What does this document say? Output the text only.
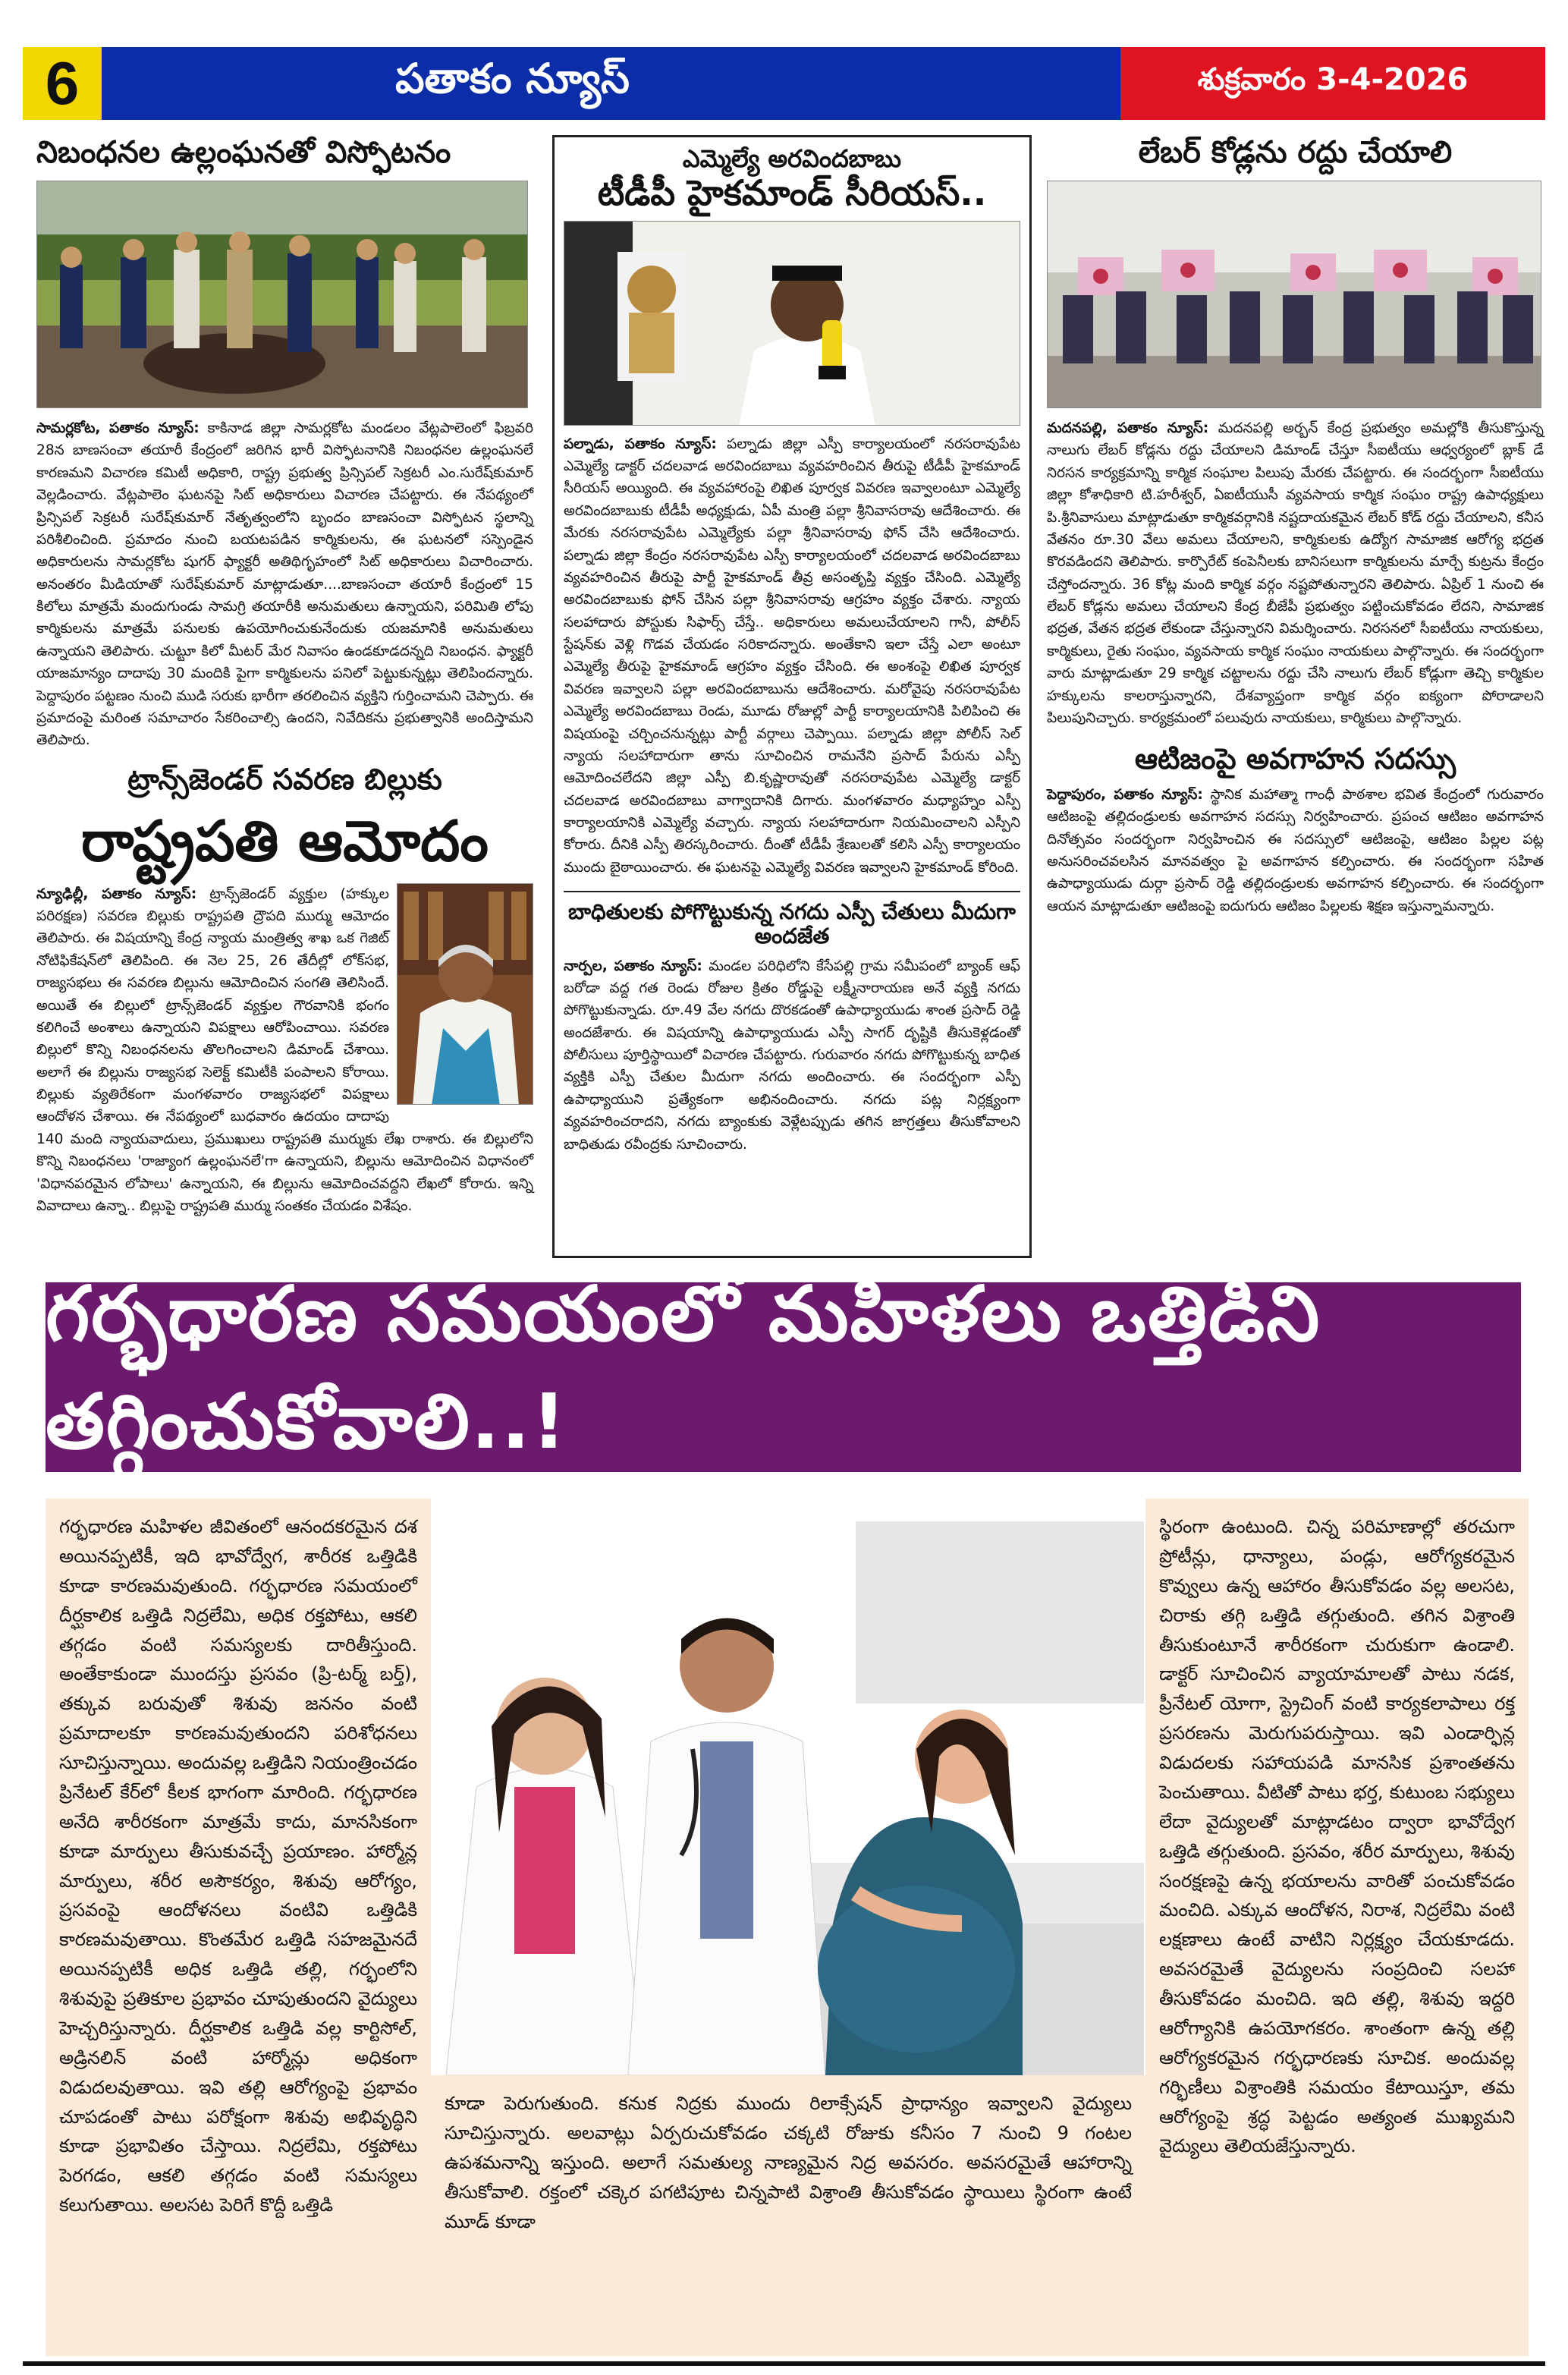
6	పతాకం న్యూస్	శుక్రవారం 3-4-2026
నిబంధనల ఉల్లంఘనతో విస్ఫోటనం
సామర్లకోట, పతాకం న్యూస్: కాకినాడ జిల్లా సామర్లకోట మండలం వేట్లపాలెంలో ఫిబ్రవరి 28న బాణసంచా తయారీ కేంద్రంలో జరిగిన భారీ విస్ఫోటనానికి నిబంధనల ఉల్లంఘనలే కారణమని విచారణ కమిటీ అధికారి, రాష్ట్ర ప్రభుత్వ ప్రిన్సిపల్ సెక్రటరీ ఎం.సురేష్‌కుమార్ వెల్లడించారు. వేట్లపాలెం ఘటనపై సిట్ అధికారులు విచారణ చేపట్టారు. ఈ నేపథ్యంలో ప్రిన్సిపల్ సెక్రటరీ సురేష్‌కుమార్ నేతృత్వంలోని బృందం బాణసంచా విస్ఫోటన స్థలాన్ని పరిశీలించింది. ప్రమాదం నుంచి బయటపడిన కార్మికులను, ఈ ఘటనలో సస్పెండైన అధికారులను సామర్లకోట షుగర్ ఫ్యాక్టరీ అతిథిగృహంలో సిట్ అధికారులు విచారించారు. అనంతరం మీడియాతో సురేష్‌కుమార్ మాట్లాడుతూ....బాణసంచా తయారీ కేంద్రంలో 15 కిలోలు మాత్రమే మందుగుండు సామగ్రి తయారీకి అనుమతులు ఉన్నాయని, పరిమితి లోపు కార్మికులను మాత్రమే పనులకు ఉపయోగించుకునేందుకు యజమానికి అనుమతులు ఉన్నాయని తెలిపారు. చుట్టూ కిలో మీటర్ మేర నివాసం ఉండకూడదన్నది నిబంధన. ఫ్యాక్టరీ యాజమాన్యం దాదాపు 30 మందికి పైగా కార్మికులను పనిలో పెట్టుకున్నట్లు తెలిపిందన్నారు. పెద్దాపురం పట్టణం నుంచి ముడి సరుకు భారీగా తరలించిన వ్యక్తిని గుర్తించామని చెప్పారు. ఈ ప్రమాదంపై మరింత సమాచారం సేకరించాల్సి ఉందని, నివేదికను ప్రభుత్వానికి అందిస్తామని తెలిపారు.
ట్రాన్స్‌జెండర్ సవరణ బిల్లుకు
రాష్ట్రపతి ఆమోదం
న్యూఢిల్లీ, పతాకం న్యూస్: ట్రాన్స్‌జెండర్ వ్యక్తుల (హక్కుల పరిరక్షణ) సవరణ బిల్లుకు రాష్ట్రపతి ద్రౌపది ముర్ము ఆమోదం తెలిపారు. ఈ విషయాన్ని కేంద్ర న్యాయ మంత్రిత్వ శాఖ ఒక గెజిట్ నోటిఫికేషన్‌లో తెలిపింది. ఈ నెల 25, 26 తేదీల్లో లోక్‌సభ, రాజ్యసభలు ఈ సవరణ బిల్లును ఆమోదించిన సంగతి తెలిసిందే. అయితే ఈ బిల్లులో ట్రాన్స్‌జెండర్ వ్యక్తుల గౌరవానికి భంగం కలిగించే అంశాలు ఉన్నాయని విపక్షాలు ఆరోపించాయి. సవరణ బిల్లులో కొన్ని నిబంధనలను తొలగించాలని డిమాండ్ చేశాయి. అలాగే ఈ బిల్లును రాజ్యసభ సెలెక్ట్ కమిటీకి పంపాలని కోరాయి. బిల్లుకు వ్యతిరేకంగా మంగళవారం రాజ్యసభలో విపక్షాలు ఆందోళన చేశాయి. ఈ నేపథ్యంలో బుధవారం ఉదయం దాదాపు 140 మంది న్యాయవాదులు, ప్రముఖులు రాష్ట్రపతి ముర్ముకు లేఖ రాశారు. ఈ బిల్లులోని కొన్ని నిబంధనలు 'రాజ్యాంగ ఉల్లంఘనలే'గా ఉన్నాయని, బిల్లును ఆమోదించిన విధానంలో 'విధానపరమైన లోపాలు' ఉన్నాయని, ఈ బిల్లును ఆమోదించవద్దని లేఖలో కోరారు. ఇన్ని వివాదాలు ఉన్నా.. బిల్లుపై రాష్ట్రపతి ముర్ము సంతకం చేయడం విశేషం.
ఎమ్మెల్యే అరవిందబాబు
టీడీపీ హైకమాండ్ సీరియస్..
పల్నాడు, పతాకం న్యూస్: పల్నాడు జిల్లా ఎస్పీ కార్యాలయంలో నరసరావుపేట ఎమ్మెల్యే డాక్టర్ చదలవాడ అరవిందబాబు వ్యవహరించిన తీరుపై టీడీపీ హైకమాండ్ సీరియస్ అయ్యింది. ఈ వ్యవహారంపై లిఖిత పూర్వక వివరణ ఇవ్వాలంటూ ఎమ్మెల్యే అరవిందబాబుకు టీడీపీ అధ్యక్షుడు, ఏపీ మంత్రి పల్లా శ్రీనివాసరావు ఆదేశించారు. ఈ మేరకు నరసరావుపేట ఎమ్మెల్యేకు పల్లా శ్రీనివాసరావు ఫోన్ చేసి ఆదేశించారు. పల్నాడు జిల్లా కేంద్రం నరసరావుపేట ఎస్పీ కార్యాలయంలో చదలవాడ అరవిందబాబు వ్యవహరించిన తీరుపై పార్టీ హైకమాండ్ తీవ్ర అసంతృప్తి వ్యక్తం చేసింది. ఎమ్మెల్యే అరవిందబాబుకు ఫోన్ చేసిన పల్లా శ్రీనివాసరావు ఆగ్రహం వ్యక్తం చేశారు. న్యాయ సలహాదారు పోస్టుకు సిఫార్స్ చేస్తే.. అధికారులు అమలుచేయాలని గానీ, పోలీస్ స్టేషన్‌కు వెళ్లి గొడవ చేయడం సరికాదన్నారు. అంతేకాని ఇలా చేస్తే ఎలా అంటూ ఎమ్మెల్యే తీరుపై హైకమాండ్ ఆగ్రహం వ్యక్తం చేసింది. ఈ అంశంపై లిఖిత పూర్వక వివరణ ఇవ్వాలని పల్లా అరవిందబాబును ఆదేశించారు. మరోవైపు నరసరావుపేట ఎమ్మెల్యే అరవిందబాబు రెండు, మూడు రోజుల్లో పార్టీ కార్యాలయానికి పిలిపించి ఈ విషయంపై చర్చించనున్నట్లు పార్టీ వర్గాలు చెప్పాయి. పల్నాడు జిల్లా పోలీస్ సెల్ న్యాయ సలహాదారుగా తాను సూచించిన రామనేని ప్రసాద్ పేరును ఎస్పీ ఆమోదించలేదని జిల్లా ఎస్పీ బి.కృష్ణారావుతో నరసరావుపేట ఎమ్మెల్యే డాక్టర్ చదలవాడ అరవిందబాబు వాగ్వాదానికి దిగారు. మంగళవారం మధ్యాహ్నం ఎస్పీ కార్యాలయానికి ఎమ్మెల్యే వచ్చారు. న్యాయ సలహాదారుగా నియమించాలని ఎస్పీని కోరారు. దీనికి ఎస్పీ తిరస్కరించారు. దీంతో టీడీపీ శ్రేణులతో కలిసి ఎస్పీ కార్యాలయం ముందు బైఠాయించారు. ఈ ఘటనపై ఎమ్మెల్యే వివరణ ఇవ్వాలని హైకమాండ్ కోరింది.
బాధితులకు పోగొట్టుకున్న నగదు ఎస్పీ చేతులు మీదుగా అందజేత
నార్పల, పతాకం న్యూస్: మండల పరిధిలోని కేసేపల్లి గ్రామ సమీపంలో బ్యాంక్ ఆఫ్ బరోడా వద్ద గత రెండు రోజుల క్రితం రోడ్డుపై లక్ష్మీనారాయణ అనే వ్యక్తి నగదు పోగొట్టుకున్నాడు. రూ.49 వేల నగదు దొరకడంతో ఉపాధ్యాయుడు శాంత ప్రసాద్ రెడ్డి అందజేశారు. ఈ విషయాన్ని ఉపాధ్యాయుడు ఎస్పీ సాగర్ దృష్టికి తీసుకెళ్లడంతో పోలీసులు పూర్తిస్థాయిలో విచారణ చేపట్టారు. గురువారం నగదు పోగొట్టుకున్న బాధిత వ్యక్తికి ఎస్పీ చేతుల మీదుగా నగదు అందించారు. ఈ సందర్భంగా ఎస్పీ ఉపాధ్యాయుని ప్రత్యేకంగా అభినందించారు. నగదు పట్ల నిర్లక్ష్యంగా వ్యవహరించరాదని, నగదు బ్యాంకుకు వెళ్లేటప్పుడు తగిన జాగ్రత్తలు తీసుకోవాలని బాధితుడు రవీంద్రకు సూచించారు.
లేబర్ కోడ్లను రద్దు చేయాలి
మదనపల్లి, పతాకం న్యూస్: మదనపల్లి అర్బన్ కేంద్ర ప్రభుత్వం అమల్లోకి తీసుకొస్తున్న నాలుగు లేబర్ కోడ్లను రద్దు చేయాలని డిమాండ్ చేస్తూ సీఐటీయు ఆధ్వర్యంలో బ్లాక్ డే నిరసన కార్యక్రమాన్ని కార్మిక సంఘాల పిలుపు మేరకు చేపట్టారు. ఈ సందర్భంగా సీఐటీయు జిల్లా కోశాధికారి టి.హరీశ్వర్, ఏఐటీయుసీ వ్యవసాయ కార్మిక సంఘం రాష్ట్ర ఉపాధ్యక్షులు పి.శ్రీనివాసులు మాట్లాడుతూ కార్మికవర్గానికి నష్టదాయకమైన లేబర్ కోడ్ రద్దు చేయాలని, కనీస వేతనం రూ.30 వేలు అమలు చేయాలని, కార్మికులకు ఉద్యోగ సామాజిక ఆరోగ్య భద్రత కొరవడిందని తెలిపారు. కార్పొరేట్ కంపెనీలకు బానిసలుగా కార్మికులను మార్చే కుట్రను కేంద్రం చేస్తోందన్నారు. 36 కోట్ల మంది కార్మిక వర్గం నష్టపోతున్నారని తెలిపారు. ఏప్రిల్ 1 నుంచి ఈ లేబర్ కోడ్లను అమలు చేయాలని కేంద్ర బీజేపీ ప్రభుత్వం పట్టించుకోవడం లేదని, సామాజిక భద్రత, వేతన భద్రత లేకుండా చేస్తున్నారని విమర్శించారు. నిరసనలో సీఐటీయు నాయకులు, కార్మికులు, రైతు సంఘం, వ్యవసాయ కార్మిక సంఘం నాయకులు పాల్గొన్నారు. ఈ సందర్భంగా వారు మాట్లాడుతూ 29 కార్మిక చట్టాలను రద్దు చేసి నాలుగు లేబర్ కోడ్లుగా తెచ్చి కార్మికుల హక్కులను కాలరాస్తున్నారని, దేశవ్యాప్తంగా కార్మిక వర్గం ఐక్యంగా పోరాడాలని పిలుపునిచ్చారు. కార్యక్రమంలో పలువురు నాయకులు, కార్మికులు పాల్గొన్నారు.
ఆటిజంపై అవగాహన సదస్సు
పెద్దాపురం, పతాకం న్యూస్: స్థానిక మహాత్మా గాంధీ పాఠశాల భవిత కేంద్రంలో గురువారం ఆటిజంపై తల్లిదండ్రులకు అవగాహన సదస్సు నిర్వహించారు. ప్రపంచ ఆటిజం అవగాహన దినోత్సవం సందర్భంగా నిర్వహించిన ఈ సదస్సులో ఆటిజంపై, ఆటిజం పిల్లల పట్ల అనుసరించవలసిన మానవత్వం పై అవగాహన కల్పించారు. ఈ సందర్భంగా సహిత ఉపాధ్యాయుడు దుర్గా ప్రసాద్ రెడ్డి తల్లిదండ్రులకు అవగాహన కల్పించారు. ఈ సందర్భంగా ఆయన మాట్లాడుతూ ఆటిజంపై ఐదుగురు ఆటిజం పిల్లలకు శిక్షణ ఇస్తున్నామన్నారు.
గర్భధారణ సమయంలో మహిళలు ఒత్తిడిని తగ్గించుకోవాలి..!
గర్భధారణ మహిళల జీవితంలో ఆనందకరమైన దశ అయినప్పటికీ, ఇది భావోద్వేగ, శారీరక ఒత్తిడికి కూడా కారణమవుతుంది. గర్భధారణ సమయంలో దీర్ఘకాలిక ఒత్తిడి నిద్రలేమి, అధిక రక్తపోటు, ఆకలి తగ్గడం వంటి సమస్యలకు దారితీస్తుంది. అంతేకాకుండా ముందస్తు ప్రసవం (ప్రి-టర్మ్ బర్త్), తక్కువ బరువుతో శిశువు జననం వంటి ప్రమాదాలకూ కారణమవుతుందని పరిశోధనలు సూచిస్తున్నాయి. అందువల్ల ఒత్తిడిని నియంత్రించడం ప్రినేటల్ కేర్‌లో కీలక భాగంగా మారింది. గర్భధారణ అనేది శారీరకంగా మాత్రమే కాదు, మానసికంగా కూడా మార్పులు తీసుకువచ్చే ప్రయాణం. హార్మోన్ల మార్పులు, శరీర అసౌకర్యం, శిశువు ఆరోగ్యం, ప్రసవంపై ఆందోళనలు వంటివి ఒత్తిడికి కారణమవుతాయి. కొంతమేర ఒత్తిడి సహజమైనదే అయినప్పటికీ అధిక ఒత్తిడి తల్లి, గర్భంలోని శిశువుపై ప్రతికూల ప్రభావం చూపుతుందని వైద్యులు హెచ్చరిస్తున్నారు. దీర్ఘకాలిక ఒత్తిడి వల్ల కార్టిసోల్, అడ్రినలిన్ వంటి హార్మోన్లు అధికంగా విడుదలవుతాయి. ఇవి తల్లి ఆరోగ్యంపై ప్రభావం చూపడంతో పాటు పరోక్షంగా శిశువు అభివృద్ధిని కూడా ప్రభావితం చేస్తాయి. నిద్రలేమి, రక్తపోటు పెరగడం, ఆకలి తగ్గడం వంటి సమస్యలు కలుగుతాయి. అలసట పెరిగే కొద్దీ ఒత్తిడి
కూడా పెరుగుతుంది. కనుక నిద్రకు ముందు రిలాక్సేషన్ ప్రాధాన్యం ఇవ్వాలని వైద్యులు సూచిస్తున్నారు. అలవాట్లు ఏర్పరుచుకోవడం చక్కటి రోజుకు కనీసం 7 నుంచి 9 గంటల ఉపశమనాన్ని ఇస్తుంది. అలాగే సమతుల్య నాణ్యమైన నిద్ర అవసరం. అవసరమైతే ఆహారాన్ని తీసుకోవాలి. రక్తంలో చక్కెర పగటిపూట చిన్నపాటి విశ్రాంతి తీసుకోవడం స్థాయిలు స్థిరంగా ఉంటే మూడ్ కూడా
స్థిరంగా ఉంటుంది. చిన్న పరిమాణాల్లో తరచుగా ప్రోటీన్లు, ధాన్యాలు, పండ్లు, ఆరోగ్యకరమైన కొవ్వులు ఉన్న ఆహారం తీసుకోవడం వల్ల అలసట, చిరాకు తగ్గి ఒత్తిడి తగ్గుతుంది. తగిన విశ్రాంతి తీసుకుంటూనే శారీరకంగా చురుకుగా ఉండాలి. డాక్టర్ సూచించిన వ్యాయామాలతో పాటు నడక, ప్రీనేటల్ యోగా, స్ట్రెచింగ్ వంటి కార్యకలాపాలు రక్త ప్రసరణను మెరుగుపరుస్తాయి. ఇవి ఎండార్ఫిన్ల విడుదలకు సహాయపడి మానసిక ప్రశాంతతను పెంచుతాయి. వీటితో పాటు భర్త, కుటుంబ సభ్యులు లేదా వైద్యులతో మాట్లాడటం ద్వారా భావోద్వేగ ఒత్తిడి తగ్గుతుంది. ప్రసవం, శరీర మార్పులు, శిశువు సంరక్షణపై ఉన్న భయాలను వారితో పంచుకోవడం మంచిది. ఎక్కువ ఆందోళన, నిరాశ, నిద్రలేమి వంటి లక్షణాలు ఉంటే వాటిని నిర్లక్ష్యం చేయకూడదు. అవసరమైతే వైద్యులను సంప్రదించి సలహా తీసుకోవడం మంచిది. ఇది తల్లి, శిశువు ఇద్దరి ఆరోగ్యానికి ఉపయోగకరం. శాంతంగా ఉన్న తల్లి ఆరోగ్యకరమైన గర్భధారణకు సూచిక. అందువల్ల గర్భిణీలు విశ్రాంతికి సమయం కేటాయిస్తూ, తమ ఆరోగ్యంపై శ్రద్ధ పెట్టడం అత్యంత ముఖ్యమని వైద్యులు తెలియజేస్తున్నారు.
